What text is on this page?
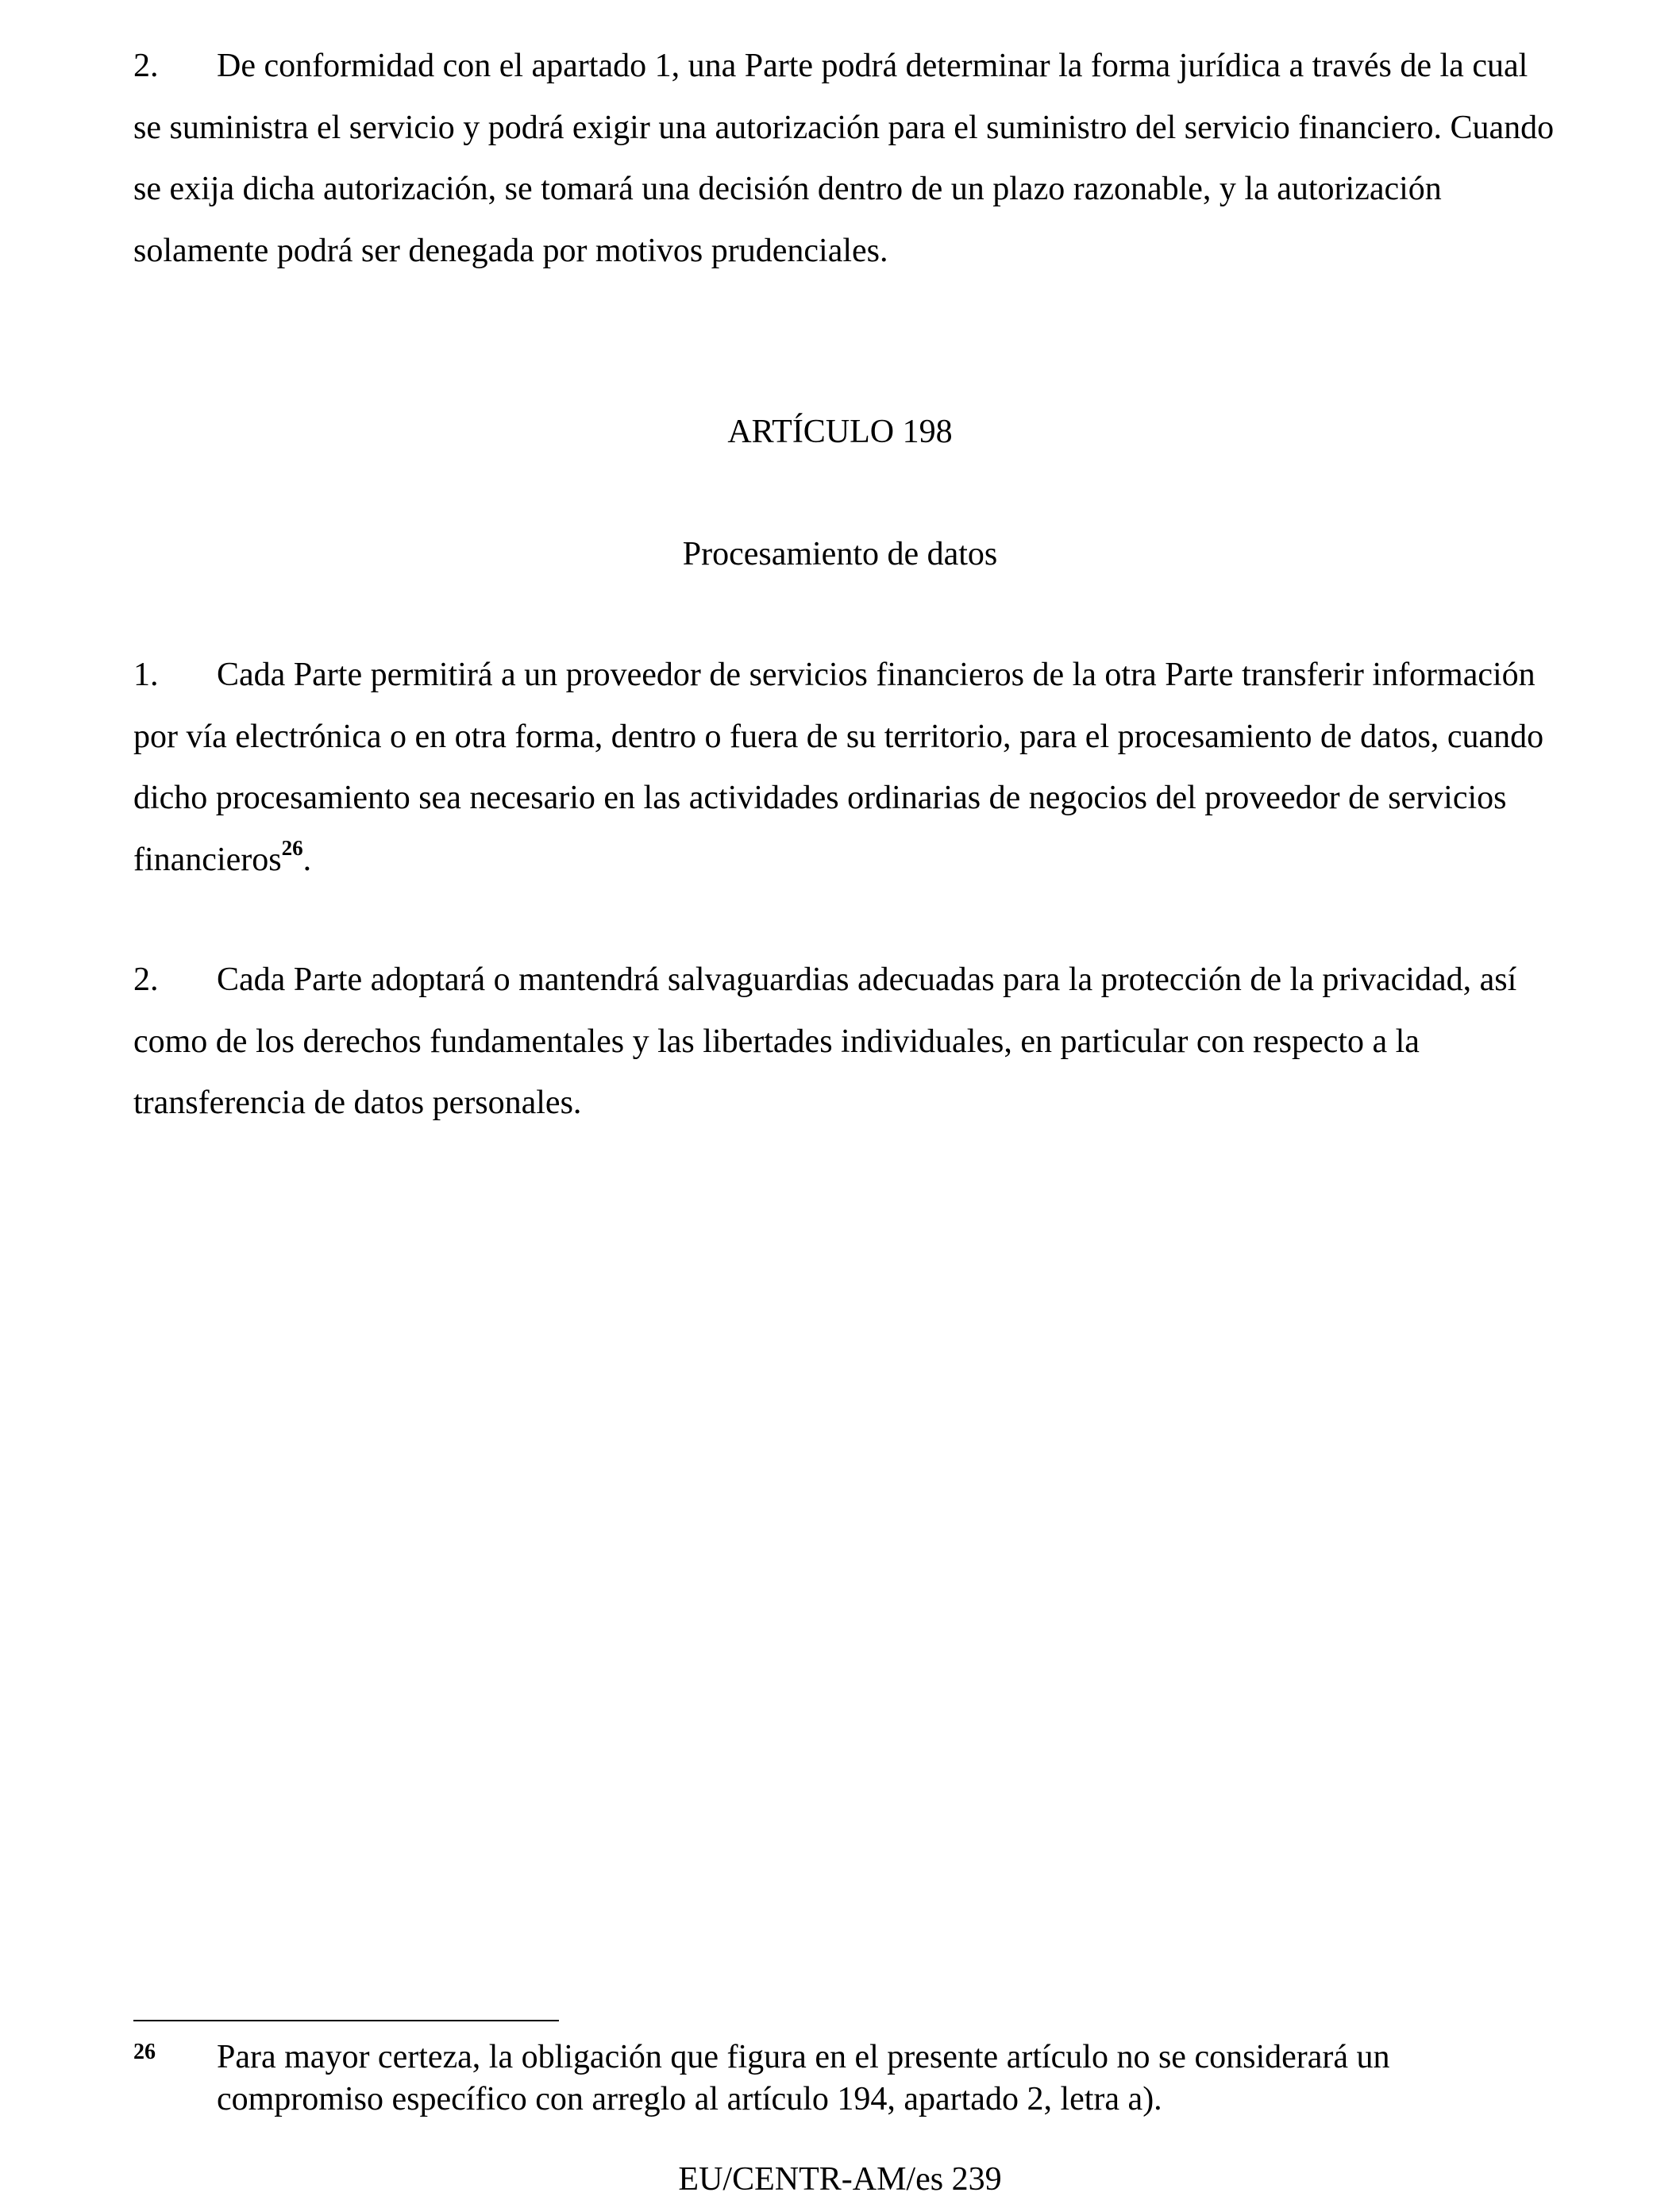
2. De conformidad con el apartado 1, una Parte podrá determinar la forma jurídica a través de la cual se suministra el servicio y podrá exigir una autorización para el suministro del servicio financiero. Cuando se exija dicha autorización, se tomará una decisión dentro de un plazo razonable, y la autorización solamente podrá ser denegada por motivos prudenciales.
ARTÍCULO 198
Procesamiento de datos
1. Cada Parte permitirá a un proveedor de servicios financieros de la otra Parte transferir información por vía electrónica o en otra forma, dentro o fuera de su territorio, para el procesamiento de datos, cuando dicho procesamiento sea necesario en las actividades ordinarias de negocios del proveedor de servicios financieros$^{26}$.
2. Cada Parte adoptará o mantendrá salvaguardias adecuadas para la protección de la privacidad, así como de los derechos fundamentales y las libertades individuales, en particular con respecto a la transferencia de datos personales.
26 Para mayor certeza, la obligación que figura en el presente artículo no se considerará un compromiso específico con arreglo al artículo 194, apartado 2, letra a).
EU/CENTR-AM/es 239
